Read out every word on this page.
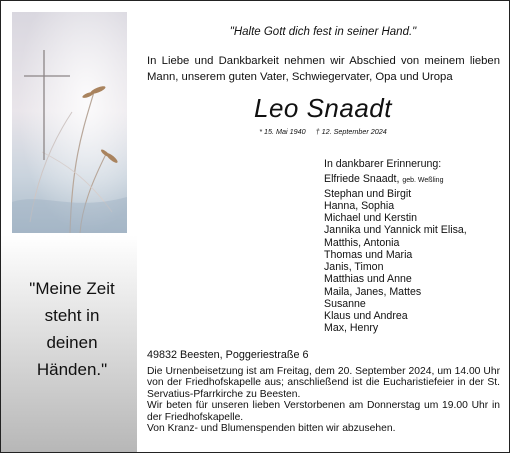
"Meine Zeit
steht in
deinen
Händen."
"Halte Gott dich fest in seiner Hand."
In Liebe und Dankbarkeit nehmen wir Abschied von meinem lieben Mann, unserem guten Vater, Schwiegervater, Opa und Uropa
Leo Snaadt
* 15. Mai 1940 † 12. September 2024
In dankbarer Erinnerung:
Elfriede Snaadt, geb. Weßling
Stephan und Birgit
Hanna, Sophia
Michael und Kerstin
Jannika und Yannick mit Elisa,
Matthis, Antonia
Thomas und Maria
Janis, Timon
Matthias und Anne
Maila, Janes, Mattes
Susanne
Klaus und Andrea
Max, Henry
49832 Beesten, Poggeriestraße 6

Die Urnenbeisetzung ist am Freitag, dem 20. September 2024, um 14.00 Uhr von der Friedhofskapelle aus; anschließend ist die Eucharistiefeier in der St. Servatius-Pfarrkirche zu Beesten.

Wir beten für unseren lieben Verstorbenen am Donnerstag um 19.00 Uhr in der Friedhofskapelle.

Von Kranz- und Blumenspenden bitten wir abzusehen.
